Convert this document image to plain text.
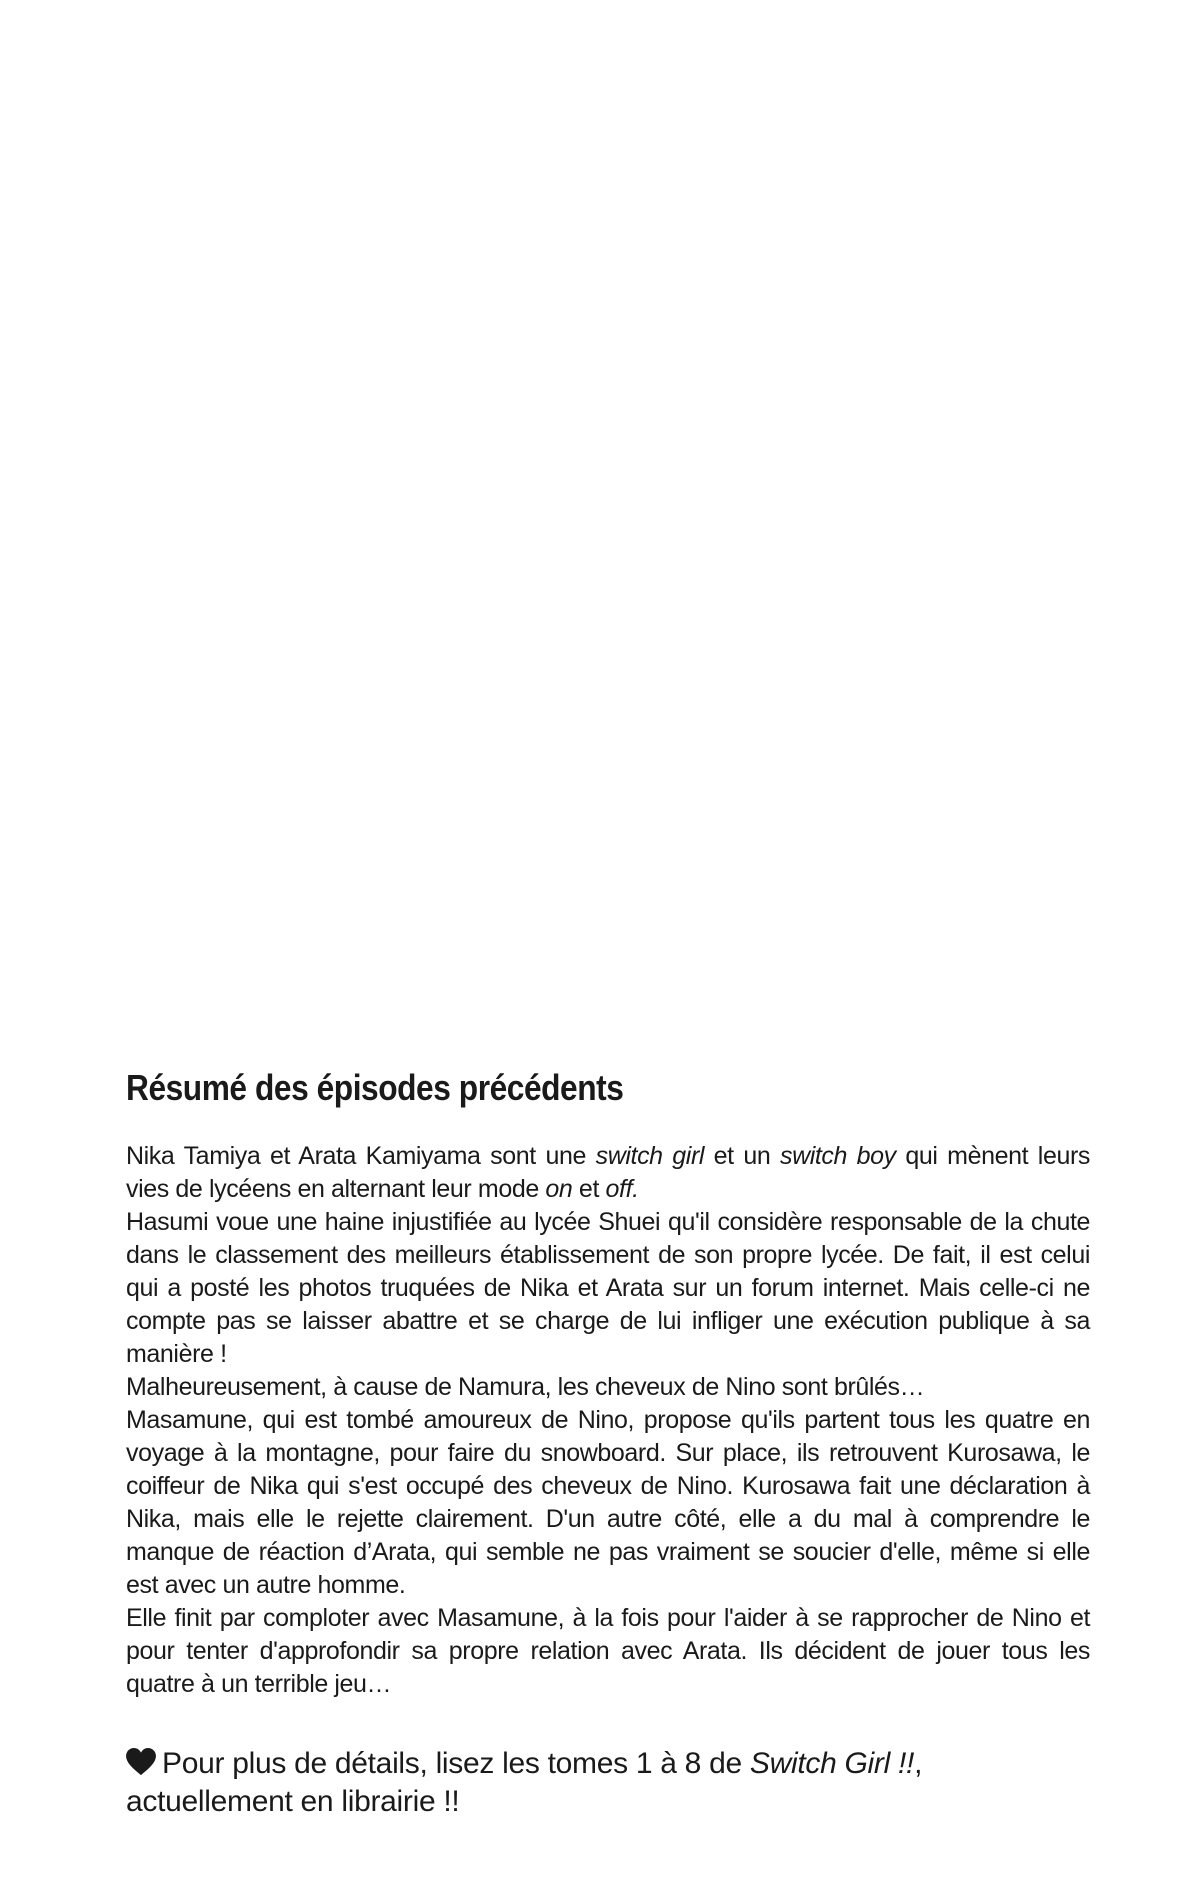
Résumé des épisodes précédents

Nika Tamiya et Arata Kamiyama sont une switch girl et un switch boy qui mènent leurs vies de lycéens en alternant leur mode on et off.

Hasumi voue une haine injustifiée au lycée Shuei qu'il considère responsable de la chute dans le classement des meilleurs établissement de son propre lycée. De fait, il est celui qui a posté les photos truquées de Nika et Arata sur un forum internet. Mais celle-ci ne compte pas se laisser abattre et se charge de lui infliger une exécution publique à sa manière !

Malheureusement, à cause de Namura, les cheveux de Nino sont brûlés…

Masamune, qui est tombé amoureux de Nino, propose qu'ils partent tous les quatre en voyage à la montagne, pour faire du snowboard. Sur place, ils retrouvent Kurosawa, le coiffeur de Nika qui s'est occupé des cheveux de Nino. Kurosawa fait une déclaration à Nika, mais elle le rejette clairement. D'un autre côté, elle a du mal à comprendre le manque de réaction d’Arata, qui semble ne pas vraiment se soucier d'elle, même si elle est avec un autre homme.

Elle finit par comploter avec Masamune, à la fois pour l'aider à se rapprocher de Nino et pour tenter d'approfondir sa propre relation avec Arata. Ils décident de jouer tous les quatre à un terrible jeu…

Pour plus de détails, lisez les tomes 1 à 8 de Switch Girl !!,
actuellement en librairie !!
